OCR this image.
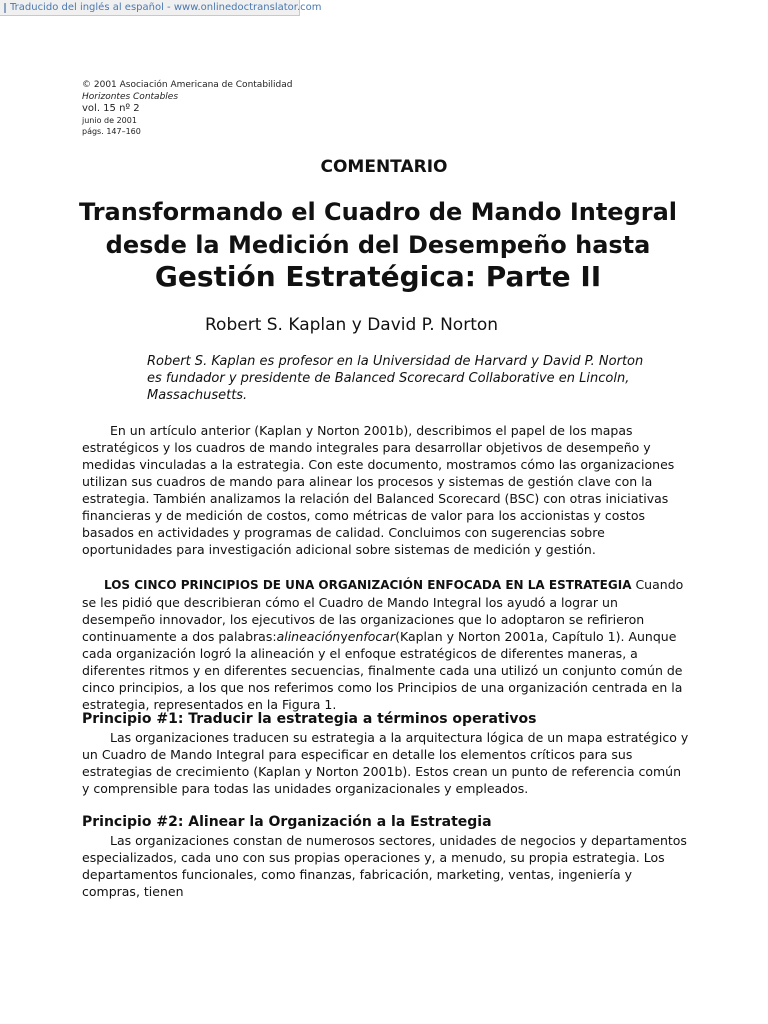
Traducido del inglés al español - www.onlinedoctranslator.com
© 2001 Asociación Americana de Contabilidad
Horizontes Contables
vol. 15 nº 2
junio de 2001
págs. 147–160
COMENTARIO
Transformando el Cuadro de Mando Integral
desde la Medición del Desempeño hasta
Gestión Estratégica: Parte II
Robert S. Kaplan y David P. Norton
Robert S. Kaplan es profesor en la Universidad de Harvard y David P. Norton es fundador y presidente de Balanced Scorecard Collaborative en Lincoln, Massachusetts.
En un artículo anterior (Kaplan y Norton 2001b), describimos el papel de los mapas estratégicos y los cuadros de mando integrales para desarrollar objetivos de desempeño y medidas vinculadas a la estrategia. Con este documento, mostramos cómo las organizaciones utilizan sus cuadros de mando para alinear los procesos y sistemas de gestión clave con la estrategia. También analizamos la relación del Balanced Scorecard (BSC) con otras iniciativas financieras y de medición de costos, como métricas de valor para los accionistas y costos basados en actividades y programas de calidad. Concluimos con sugerencias sobre oportunidades para investigación adicional sobre sistemas de medición y gestión.
LOS CINCO PRINCIPIOS DE UNA ORGANIZACIÓN ENFOCADA EN LA ESTRATEGIA Cuando se les pidió que describieran cómo el Cuadro de Mando Integral los ayudó a lograr un desempeño innovador, los ejecutivos de las organizaciones que lo adoptaron se refirieron continuamente a dos palabras:alineaciónyenfocar(Kaplan y Norton 2001a, Capítulo 1). Aunque cada organización logró la alineación y el enfoque estratégicos de diferentes maneras, a diferentes ritmos y en diferentes secuencias, finalmente cada una utilizó un conjunto común de cinco principios, a los que nos referimos como los Principios de una organización centrada en la estrategia, representados en la Figura 1.
Principio #1: Traducir la estrategia a términos operativos
Las organizaciones traducen su estrategia a la arquitectura lógica de un mapa estratégico y un Cuadro de Mando Integral para especificar en detalle los elementos críticos para sus estrategias de crecimiento (Kaplan y Norton 2001b). Estos crean un punto de referencia común y comprensible para todas las unidades organizacionales y empleados.
Principio #2: Alinear la Organización a la Estrategia
Las organizaciones constan de numerosos sectores, unidades de negocios y departamentos especializados, cada uno con sus propias operaciones y, a menudo, su propia estrategia. Los departamentos funcionales, como finanzas, fabricación, marketing, ventas, ingeniería y compras, tienen
